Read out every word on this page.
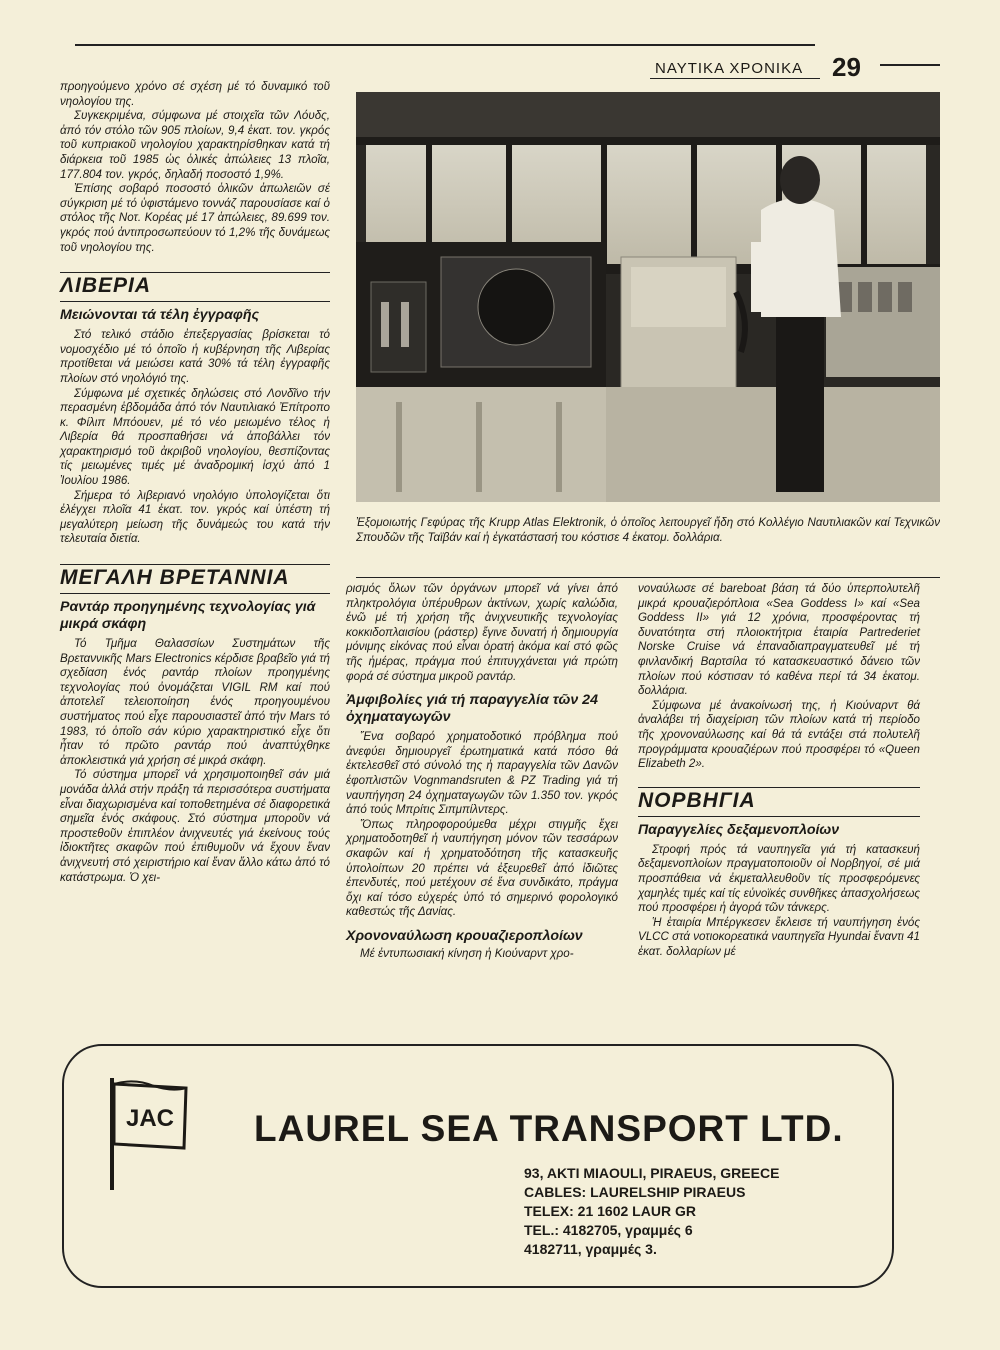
ΝΑΥΤΙΚΑ ΧΡΟΝΙΚΑ 29

προηγούμενο χρόνο σέ σχέση μέ τό δυναμικό τοῦ νηολογίου της.

Συγκεκριμένα, σύμφωνα μέ στοιχεῖα τῶν Λόυδς, ἀπό τόν στόλο τῶν 905 πλοίων, 9,4 ἑκατ. τον. γκρός τοῦ κυπριακοῦ νηολογίου χαρακτηρίσθηκαν κατά τή διάρκεια τοῦ 1985 ὡς ὁλικές ἀπώλειες 13 πλοῖα, 177.804 τον. γκρός, δηλαδή ποσοστό 1,9%.

Ἐπίσης σοβαρό ποσοστό ὁλικῶν ἀπωλειῶν σέ σύγκριση μέ τό ὑφιστάμενο τοννάζ παρουσίασε καί ὁ στόλος τῆς Νοτ. Κορέας μέ 17 ἀπώλειες, 89.699 τον. γκρός πού ἀντιπροσωπεύουν τό 1,2% τῆς δυνάμεως τοῦ νηολογίου της.

ΛΙΒΕΡΙΑ
Μειώνονται τά τέλη ἐγγραφῆς

Στό τελικό στάδιο ἐπεξεργασίας βρίσκεται τό νομοσχέδιο μέ τό ὁποῖο ἡ κυβέρνηση τῆς Λιβερίας προτίθεται νά μειώσει κατά 30% τά τέλη ἐγγραφῆς πλοίων στό νηολόγιό της.

Σύμφωνα μέ σχετικές δηλώσεις στό Λονδῖνο τήν περασμένη ἑβδομάδα ἀπό τόν Ναυτιλιακό Ἐπίτροπο κ. Φίλιπ Μπόουεν, μέ τό νέο μειωμένο τέλος ἡ Λιβερία θά προσπαθήσει νά ἀποβάλλει τόν χαρακτηρισμό τοῦ ἀκριβοῦ νηολογίου, θεσπίζοντας τίς μειωμένες τιμές μέ ἀναδρομική ἰσχύ ἀπό 1 Ἰουλίου 1986.

Σήμερα τό λιβεριανό νηολόγιο ὑπολογίζεται ὅτι ἐλέγχει πλοῖα 41 ἑκατ. τον. γκρός καί ὑπέστη τή μεγαλύτερη μείωση τῆς δυνάμεώς του κατά τήν τελευταία διετία.

ΜΕΓΑΛΗ ΒΡΕΤΑΝΝΙΑ
Ραντάρ προηγημένης τεχνολογίας γιά μικρά σκάφη

Τό Τμῆμα Θαλασσίων Συστημάτων τῆς Βρεταννικῆς Mars Electronics κέρδισε βραβεῖο γιά τή σχεδίαση ἑνός ραντάρ πλοίων προηγμένης τεχνολογίας πού ὀνομάζεται VIGIL RM καί πού ἀποτελεῖ τελειοποίηση ἑνός προηγουμένου συστήματος πού εἶχε παρουσιαστεῖ ἀπό τήν Mars τό 1983, τό ὁποῖο σάν κύριο χαρακτηριστικό εἶχε ὅτι ἦταν τό πρῶτο ραντάρ πού ἀναπτύχθηκε ἀποκλειστικά γιά χρήση σέ μικρά σκάφη.

Τό σύστημα μπορεῖ νά χρησιμοποιηθεῖ σάν μιά μονάδα ἀλλά στήν πράξη τά περισσότερα συστήματα εἶναι διαχωρισμένα καί τοποθετημένα σέ διαφορετικά σημεῖα ἑνός σκάφους. Στό σύστημα μποροῦν νά προστεθοῦν ἐπιπλέον ἀνιχνευτές γιά ἐκείνους τούς ἰδιοκτῆτες σκαφῶν πού ἐπιθυμοῦν νά ἔχουν ἕναν ἀνιχνευτή στό χειριστήριο καί ἕναν ἄλλο κάτω ἀπό τό κατάστρωμα. Ὁ χει-

Ἐξομοιωτής Γεφύρας τῆς Krupp Atlas Elektronik, ὁ ὁποῖος λειτουργεῖ ἤδη στό Κολλέγιο Ναυτιλιακῶν καί Τεχνικῶν Σπουδῶν τῆς Ταϊβάν καί ἡ ἐγκατάστασή του κόστισε 4 ἑκατομ. δολλάρια.

ρισμός ὅλων τῶν ὀργάνων μπορεῖ νά γίνει ἀπό πληκτρολόγια ὑπέρυθρων ἀκτίνων, χωρίς καλώδια, ἐνῶ μέ τή χρήση τῆς ἀνιχνευτικῆς τεχνολογίας κοκκιδοπλαισίου (ράστερ) ἔγινε δυνατή ἡ δημιουργία μόνιμης εἰκόνας πού εἶναι ὁρατή ἀκόμα καί στό φῶς τῆς ἡμέρας, πράγμα πού ἐπιτυγχάνεται γιά πρώτη φορά σέ σύστημα μικροῦ ραντάρ.

Ἀμφιβολίες γιά τή παραγγελία τῶν 24 ὀχηματαγωγῶν

Ἕνα σοβαρό χρηματοδοτικό πρόβλημα πού ἀνεφύει δημιουργεῖ ἐρωτηματικά κατά πόσο θά ἐκτελεσθεῖ στό σύνολό της ἡ παραγγελία τῶν Δανῶν ἐφοπλιστῶν Vognmandsruten & PZ Trading γιά τή ναυπήγηση 24 ὀχηματαγωγῶν τῶν 1.350 τον. γκρός ἀπό τούς Μπρίτις Σιπμπίλντερς.

Ὅπως πληροφορούμεθα μέχρι στιγμῆς ἔχει χρηματοδοτηθεῖ ἡ ναυπήγηση μόνον τῶν τεσσάρων σκαφῶν καί ἡ χρηματοδότηση τῆς κατασκευῆς ὑπολοίπων 20 πρέπει νά ἐξευρεθεῖ ἀπό ἰδιῶτες ἐπενδυτές, πού μετέχουν σέ ἕνα συνδικάτο, πράγμα ὄχι καί τόσο εὐχερές ὑπό τό σημερινό φορολογικό καθεστώς τῆς Δανίας.

Χρονοναύλωση κρουαζιεροπλοίων

Μέ ἐντυπωσιακή κίνηση ἡ Κιούναρντ χρο-

νοναύλωσε σέ bareboat βάση τά δύο ὑπερπολυτελῆ μικρά κρουαζιερόπλοια «Sea Goddess I» καί «Sea Goddess II» γιά 12 χρόνια, προσφέροντας τή δυνατότητα στή πλοιοκτήτρια ἑταιρία Partrederiet Norske Cruise νά ἐπαναδιαπραγματευθεῖ μέ τή φινλανδική Βαρτσίλα τό κατασκευαστικό δάνειο τῶν πλοίων πού κόστισαν τό καθένα περί τά 34 ἑκατομ. δολλάρια.

Σύμφωνα μέ ἀνακοίνωσή της, ἡ Κιούναρντ θά ἀναλάβει τή διαχείριση τῶν πλοίων κατά τή περίοδο τῆς χρονοναύλωσης καί θά τά εντάξει στά πολυτελῆ προγράμματα κρουαζιέρων πού προσφέρει τό «Queen Elizabeth 2».

ΝΟΡΒΗΓΙΑ
Παραγγελίες δεξαμενοπλοίων

Στροφή πρός τά ναυπηγεῖα γιά τή κατασκευή δεξαμενοπλοίων πραγματοποιοῦν οἱ Νορβηγοί, σέ μιά προσπάθεια νά ἐκμεταλλευθοῦν τίς προσφερόμενες χαμηλές τιμές καί τίς εὐνοϊκές συνθῆκες ἀπασχολήσεως πού προσφέρει ἡ ἀγορά τῶν τάνκερς.

Ἡ ἑταιρία Μπέργκεσεν ἔκλεισε τή ναυπήγηση ἑνός VLCC στά νοτιοκορεατικά ναυπηγεῖα Hyundai ἔναντι 41 ἑκατ. δολλαρίων μέ

JAC LAUREL SEA TRANSPORT LTD.
93, AKTI MIAOULI, PIRAEUS, GREECE
CABLES: LAURELSHIP PIRAEUS
TELEX: 21 1602 LAUR GR
TEL.: 4182705, γραμμές 6
4182711, γραμμές 3.
